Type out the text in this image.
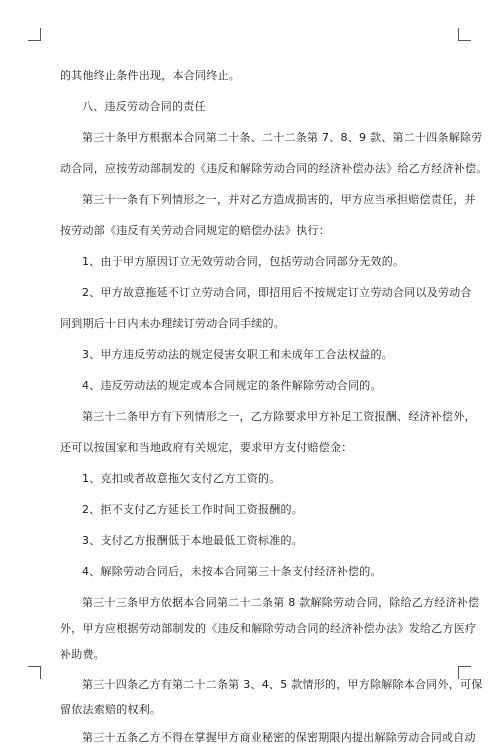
的其他终止条件出现，本合同终止。
八、违反劳动合同的责任
第三十条甲方根据本合同第二十条、二十二条第 7、8、9 款、第二十四条解除劳
动合同，应按劳动部制发的《违反和解除劳动合同的经济补偿办法》给乙方经济补偿。
第三十一条有下列情形之一，并对乙方造成损害的，甲方应当承担赔偿责任，并
按劳动部《违反有关劳动合同规定的赔偿办法》执行：
1、由于甲方原因订立无效劳动合同，包括劳动合同部分无效的。
2、甲方故意拖延不订立劳动合同，即招用后不按规定订立劳动合同以及劳动合
同到期后十日内未办理续订劳动合同手续的。
3、甲方违反劳动法的规定侵害女职工和未成年工合法权益的。
4、违反劳动法的规定或本合同规定的条件解除劳动合同的。
第三十二条甲方有下列情形之一，乙方除要求甲方补足工资报酬、经济补偿外，
还可以按国家和当地政府有关规定，要求甲方支付赔偿金：
1、克扣或者故意拖欠支付乙方工资的。
2、拒不支付乙方延长工作时间工资报酬的。
3、支付乙方报酬低于本地最低工资标准的。
4、解除劳动合同后，未按本合同第三十条支付经济补偿的。
第三十三条甲方依据本合同第二十二条第 8 款解除劳动合同，除给乙方经济补偿
外，甲方应根据劳动部制发的《违反和解除劳动合同的经济补偿办法》发给乙方医疗
补助费。
第三十四条乙方有第二十二条第 3、4、5 款情形的，甲方除解除本合同外，可保
留依法索赔的权利。
第三十五条乙方不得在掌握甲方商业秘密的保密期限内提出解除劳动合同或自动
